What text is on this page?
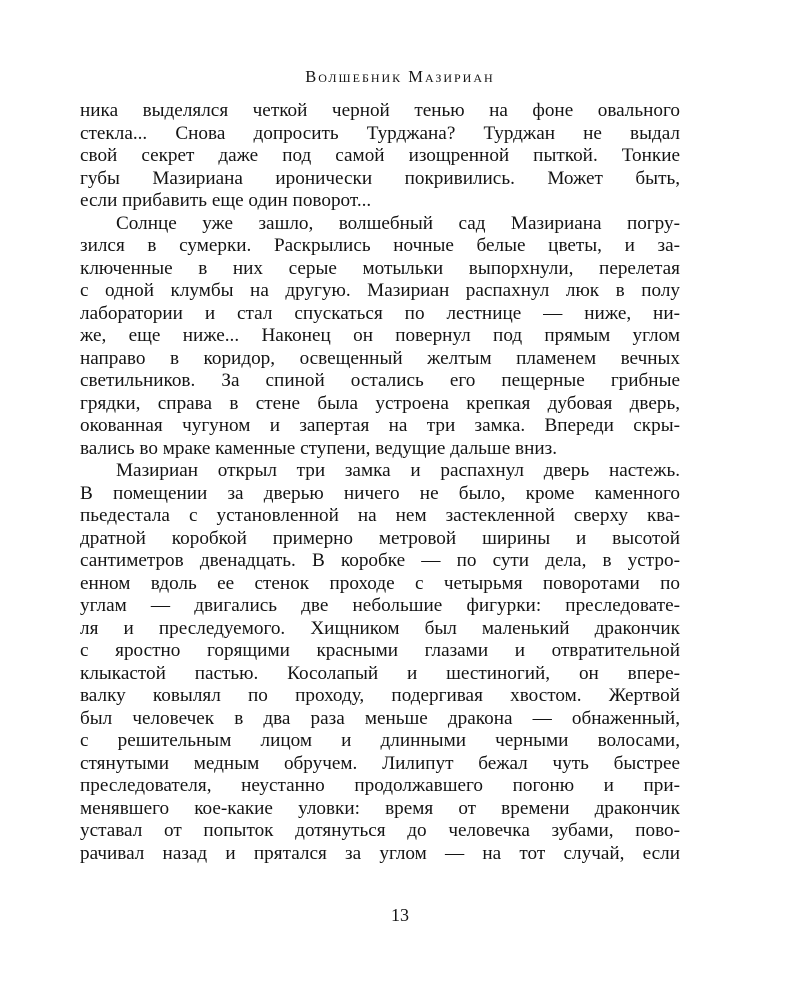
Волшебник Мазириан
ника выделялся четкой черной тенью на фоне овального
стекла... Снова допросить Турджана? Турджан не выдал
свой секрет даже под самой изощренной пыткой. Тонкие
губы Мазириана иронически покривились. Может быть,
если прибавить еще один поворот...
Солнце уже зашло, волшебный сад Мазириана погру-
зился в сумерки. Раскрылись ночные белые цветы, и за-
ключенные в них серые мотыльки выпорхнули, перелетая
с одной клумбы на другую. Мазириан распахнул люк в полу
лаборатории и стал спускаться по лестнице — ниже, ни-
же, еще ниже... Наконец он повернул под прямым углом
направо в коридор, освещенный желтым пламенем вечных
светильников. За спиной остались его пещерные грибные
грядки, справа в стене была устроена крепкая дубовая дверь,
окованная чугуном и запертая на три замка. Впереди скры-
вались во мраке каменные ступени, ведущие дальше вниз.
Мазириан открыл три замка и распахнул дверь настежь.
В помещении за дверью ничего не было, кроме каменного
пьедестала с установленной на нем застекленной сверху ква-
дратной коробкой примерно метровой ширины и высотой
сантиметров двенадцать. В коробке — по сути дела, в устро-
енном вдоль ее стенок проходе с четырьмя поворотами по
углам — двигались две небольшие фигурки: преследовате-
ля и преследуемого. Хищником был маленький дракончик
с яростно горящими красными глазами и отвратительной
клыкастой пастью. Косолапый и шестиногий, он впере-
валку ковылял по проходу, подергивая хвостом. Жертвой
был человечек в два раза меньше дракона — обнаженный,
с решительным лицом и длинными черными волосами,
стянутыми медным обручем. Лилипут бежал чуть быстрее
преследователя, неустанно продолжавшего погоню и при-
менявшего кое-какие уловки: время от времени дракончик
уставал от попыток дотянуться до человечка зубами, пово-
рачивал назад и прятался за углом — на тот случай, если
13
